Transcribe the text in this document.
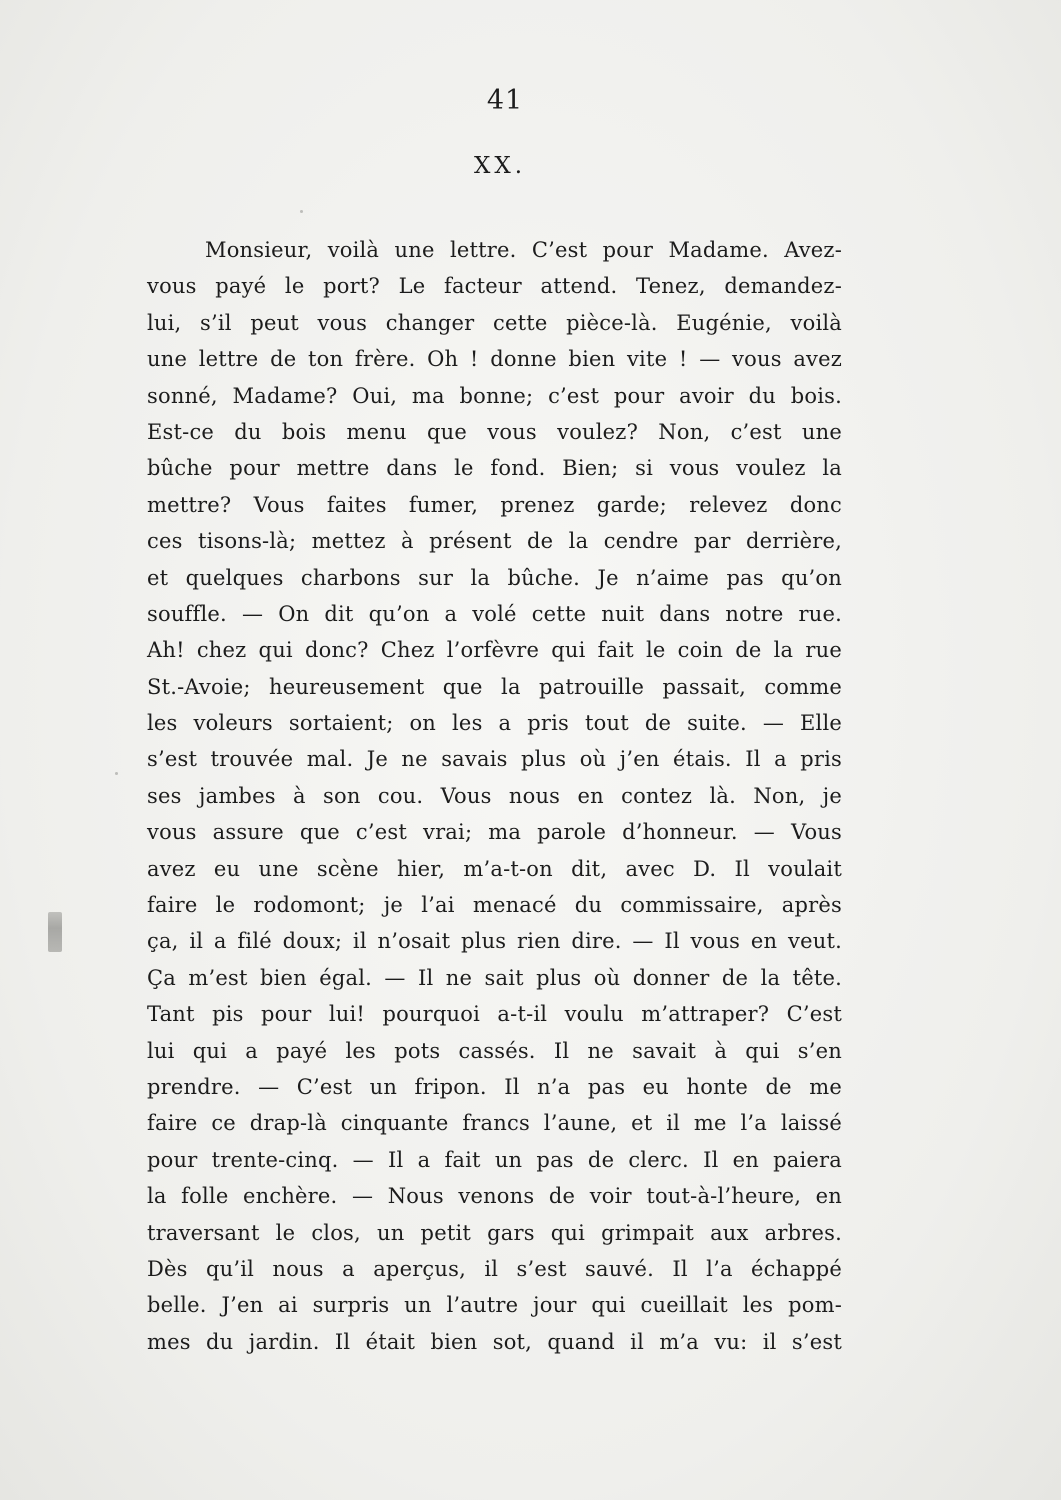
41
XX.
Monsieur, voilà une lettre. C’est pour Madame. Avez-
vous payé le port? Le facteur attend. Tenez, demandez-
lui, s’il peut vous changer cette pièce-là. Eugénie, voilà
une lettre de ton frère. Oh ! donne bien vite ! — vous avez
sonné, Madame? Oui, ma bonne; c’est pour avoir du bois.
Est-ce du bois menu que vous voulez? Non, c’est une
bûche pour mettre dans le fond. Bien; si vous voulez la
mettre? Vous faites fumer, prenez garde; relevez donc
ces tisons-là; mettez à présent de la cendre par derrière,
et quelques charbons sur la bûche. Je n’aime pas qu’on
souffle. — On dit qu’on a volé cette nuit dans notre rue.
Ah! chez qui donc? Chez l’orfèvre qui fait le coin de la rue
St.-Avoie; heureusement que la patrouille passait, comme
les voleurs sortaient; on les a pris tout de suite. — Elle
s’est trouvée mal. Je ne savais plus où j’en étais. Il a pris
ses jambes à son cou. Vous nous en contez là. Non, je
vous assure que c’est vrai; ma parole d’honneur. — Vous
avez eu une scène hier, m’a-t-on dit, avec D. Il voulait
faire le rodomont; je l’ai menacé du commissaire, après
ça, il a filé doux; il n’osait plus rien dire. — Il vous en veut.
Ça m’est bien égal. — Il ne sait plus où donner de la tête.
Tant pis pour lui! pourquoi a-t-il voulu m’attraper? C’est
lui qui a payé les pots cassés. Il ne savait à qui s’en
prendre. — C’est un fripon. Il n’a pas eu honte de me
faire ce drap-là cinquante francs l’aune, et il me l’a laissé
pour trente-cinq. — Il a fait un pas de clerc. Il en paiera
la folle enchère. — Nous venons de voir tout-à-l’heure, en
traversant le clos, un petit gars qui grimpait aux arbres.
Dès qu’il nous a aperçus, il s’est sauvé. Il l’a échappé
belle. J’en ai surpris un l’autre jour qui cueillait les pom-
mes du jardin. Il était bien sot, quand il m’a vu: il s’est
